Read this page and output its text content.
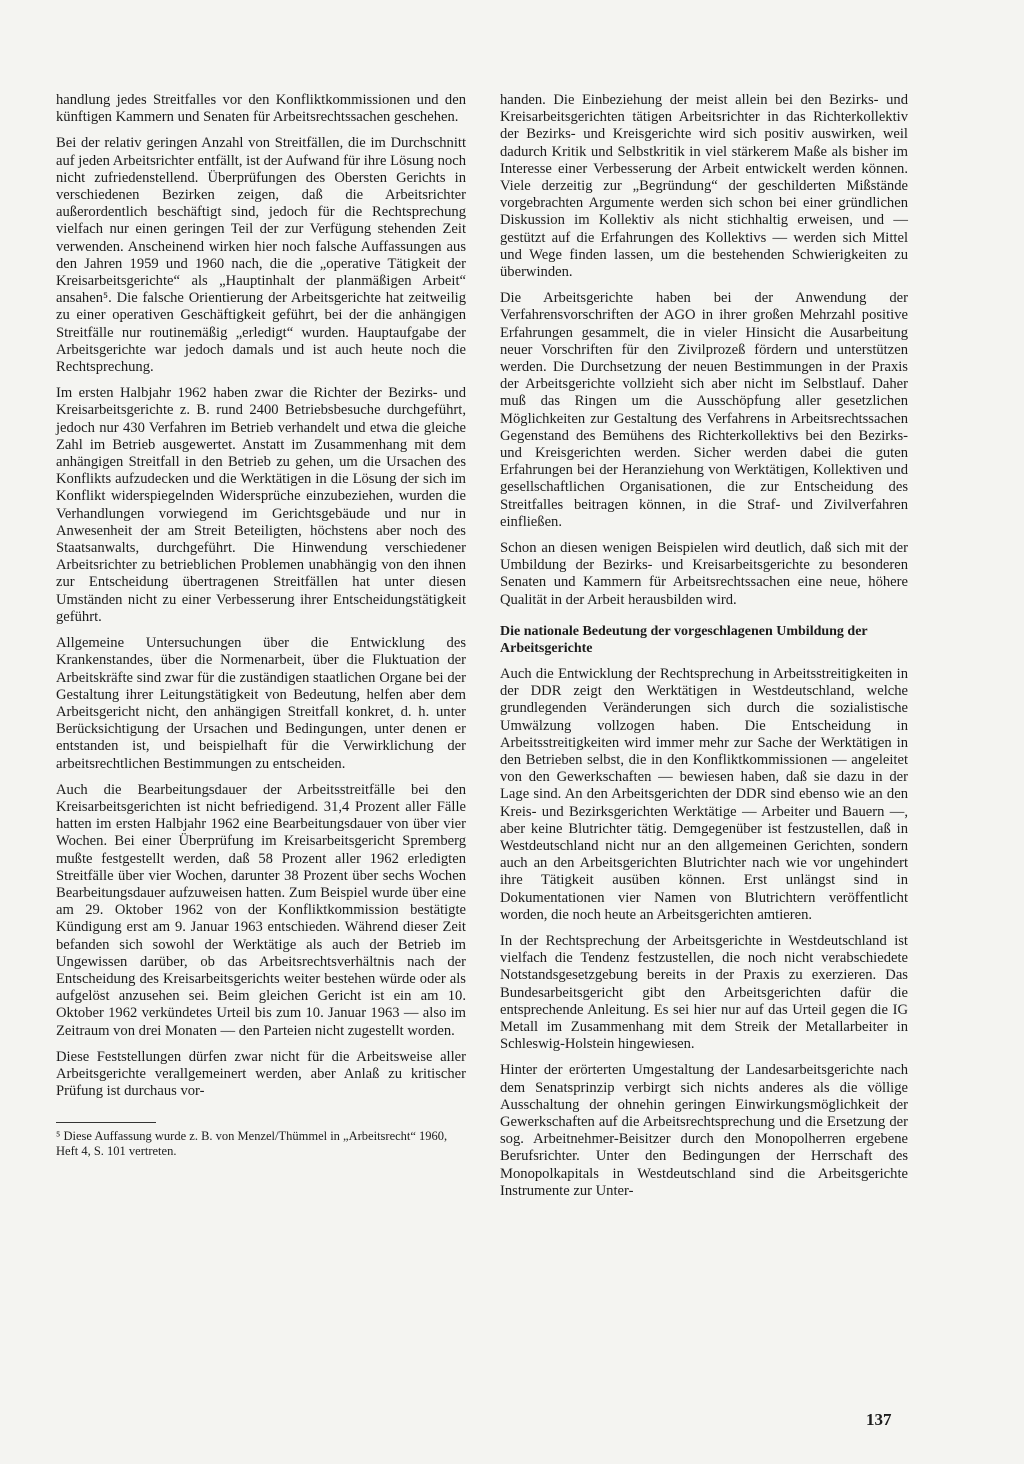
handlung jedes Streitfalles vor den Konfliktkommissionen und den künftigen Kammern und Senaten für Arbeitsrechtssachen geschehen.

Bei der relativ geringen Anzahl von Streitfällen, die im Durchschnitt auf jeden Arbeitsrichter entfällt, ist der Aufwand für ihre Lösung noch nicht zufriedenstellend. Überprüfungen des Obersten Gerichts in verschiedenen Bezirken zeigen, daß die Arbeitsrichter außerordentlich beschäftigt sind, jedoch für die Rechtsprechung vielfach nur einen geringen Teil der zur Verfügung stehenden Zeit verwenden. Anscheinend wirken hier noch falsche Auffassungen aus den Jahren 1959 und 1960 nach, die die „operative Tätigkeit der Kreisarbeitsgerichte“ als „Hauptinhalt der planmäßigen Arbeit“ ansahen⁵. Die falsche Orientierung der Arbeitsgerichte hat zeitweilig zu einer operativen Geschäftigkeit geführt, bei der die anhängigen Streitfälle nur routinemäßig „erledigt“ wurden. Hauptaufgabe der Arbeitsgerichte war jedoch damals und ist auch heute noch die Rechtsprechung.

Im ersten Halbjahr 1962 haben zwar die Richter der Bezirks- und Kreisarbeitsgerichte z. B. rund 2400 Betriebsbesuche durchgeführt, jedoch nur 430 Verfahren im Betrieb verhandelt und etwa die gleiche Zahl im Betrieb ausgewertet. Anstatt im Zusammenhang mit dem anhängigen Streitfall in den Betrieb zu gehen, um die Ursachen des Konflikts aufzudecken und die Werktätigen in die Lösung der sich im Konflikt widerspiegelnden Widersprüche einzubeziehen, wurden die Verhandlungen vorwiegend im Gerichtsgebäude und nur in Anwesenheit der am Streit Beteiligten, höchstens aber noch des Staatsanwalts, durchgeführt. Die Hinwendung verschiedener Arbeitsrichter zu betrieblichen Problemen unabhängig von den ihnen zur Entscheidung übertragenen Streitfällen hat unter diesen Umständen nicht zu einer Verbesserung ihrer Entscheidungstätigkeit geführt.

Allgemeine Untersuchungen über die Entwicklung des Krankenstandes, über die Normenarbeit, über die Fluktuation der Arbeitskräfte sind zwar für die zuständigen staatlichen Organe bei der Gestaltung ihrer Leitungstätigkeit von Bedeutung, helfen aber dem Arbeitsgericht nicht, den anhängigen Streitfall konkret, d. h. unter Berücksichtigung der Ursachen und Bedingungen, unter denen er entstanden ist, und beispielhaft für die Verwirklichung der arbeitsrechtlichen Bestimmungen zu entscheiden.

Auch die Bearbeitungsdauer der Arbeitsstreitfälle bei den Kreisarbeitsgerichten ist nicht befriedigend. 31,4 Prozent aller Fälle hatten im ersten Halbjahr 1962 eine Bearbeitungsdauer von über vier Wochen. Bei einer Überprüfung im Kreisarbeitsgericht Spremberg mußte festgestellt werden, daß 58 Prozent aller 1962 erledigten Streitfälle über vier Wochen, darunter 38 Prozent über sechs Wochen Bearbeitungsdauer aufzuweisen hatten. Zum Beispiel wurde über eine am 29. Oktober 1962 von der Konfliktkommission bestätigte Kündigung erst am 9. Januar 1963 entschieden. Während dieser Zeit befanden sich sowohl der Werktätige als auch der Betrieb im Ungewissen darüber, ob das Arbeitsrechtsverhältnis nach der Entscheidung des Kreisarbeitsgerichts weiter bestehen würde oder als aufgelöst anzusehen sei. Beim gleichen Gericht ist ein am 10. Oktober 1962 verkündetes Urteil bis zum 10. Januar 1963 — also im Zeitraum von drei Monaten — den Parteien nicht zugestellt worden.

Diese Feststellungen dürfen zwar nicht für die Arbeitsweise aller Arbeitsgerichte verallgemeinert werden, aber Anlaß zu kritischer Prüfung ist durchaus vor-

⁵ Diese Auffassung wurde z. B. von Menzel/Thümmel in „Arbeitsrecht“ 1960, Heft 4, S. 101 vertreten.

handen. Die Einbeziehung der meist allein bei den Bezirks- und Kreisarbeitsgerichten tätigen Arbeitsrichter in das Richterkollektiv der Bezirks- und Kreisgerichte wird sich positiv auswirken, weil dadurch Kritik und Selbstkritik in viel stärkerem Maße als bisher im Interesse einer Verbesserung der Arbeit entwickelt werden können. Viele derzeitig zur „Begründung“ der geschilderten Mißstände vorgebrachten Argumente werden sich schon bei einer gründlichen Diskussion im Kollektiv als nicht stichhaltig erweisen, und — gestützt auf die Erfahrungen des Kollektivs — werden sich Mittel und Wege finden lassen, um die bestehenden Schwierigkeiten zu überwinden.

Die Arbeitsgerichte haben bei der Anwendung der Verfahrensvorschriften der AGO in ihrer großen Mehrzahl positive Erfahrungen gesammelt, die in vieler Hinsicht die Ausarbeitung neuer Vorschriften für den Zivilprozeß fördern und unterstützen werden. Die Durchsetzung der neuen Bestimmungen in der Praxis der Arbeitsgerichte vollzieht sich aber nicht im Selbstlauf. Daher muß das Ringen um die Ausschöpfung aller gesetzlichen Möglichkeiten zur Gestaltung des Verfahrens in Arbeitsrechtssachen Gegenstand des Bemühens des Richterkollektivs bei den Bezirks- und Kreisgerichten werden. Sicher werden dabei die guten Erfahrungen bei der Heranziehung von Werktätigen, Kollektiven und gesellschaftlichen Organisationen, die zur Entscheidung des Streitfalles beitragen können, in die Straf- und Zivilverfahren einfließen.

Schon an diesen wenigen Beispielen wird deutlich, daß sich mit der Umbildung der Bezirks- und Kreisarbeitsgerichte zu besonderen Senaten und Kammern für Arbeitsrechtssachen eine neue, höhere Qualität in der Arbeit herausbilden wird.

Die nationale Bedeutung der vorgeschlagenen Umbildung der Arbeitsgerichte

Auch die Entwicklung der Rechtsprechung in Arbeitsstreitigkeiten in der DDR zeigt den Werktätigen in Westdeutschland, welche grundlegenden Veränderungen sich durch die sozialistische Umwälzung vollzogen haben. Die Entscheidung in Arbeitsstreitigkeiten wird immer mehr zur Sache der Werktätigen in den Betrieben selbst, die in den Konfliktkommissionen — angeleitet von den Gewerkschaften — bewiesen haben, daß sie dazu in der Lage sind. An den Arbeitsgerichten der DDR sind ebenso wie an den Kreis- und Bezirksgerichten Werktätige — Arbeiter und Bauern —, aber keine Blutrichter tätig. Demgegenüber ist festzustellen, daß in Westdeutschland nicht nur an den allgemeinen Gerichten, sondern auch an den Arbeitsgerichten Blutrichter nach wie vor ungehindert ihre Tätigkeit ausüben können. Erst unlängst sind in Dokumentationen vier Namen von Blutrichtern veröffentlicht worden, die noch heute an Arbeitsgerichten amtieren.

In der Rechtsprechung der Arbeitsgerichte in Westdeutschland ist vielfach die Tendenz festzustellen, die noch nicht verabschiedete Notstandsgesetzgebung bereits in der Praxis zu exerzieren. Das Bundesarbeitsgericht gibt den Arbeitsgerichten dafür die entsprechende Anleitung. Es sei hier nur auf das Urteil gegen die IG Metall im Zusammenhang mit dem Streik der Metallarbeiter in Schleswig-Holstein hingewiesen.

Hinter der erörterten Umgestaltung der Landesarbeitsgerichte nach dem Senatsprinzip verbirgt sich nichts anderes als die völlige Ausschaltung der ohnehin geringen Einwirkungsmöglichkeit der Gewerkschaften auf die Arbeitsrechtsprechung und die Ersetzung der sog. Arbeitnehmer-Beisitzer durch den Monopolherren ergebene Berufsrichter. Unter den Bedingungen der Herrschaft des Monopolkapitals in Westdeutschland sind die Arbeitsgerichte Instrumente zur Unter-

137
